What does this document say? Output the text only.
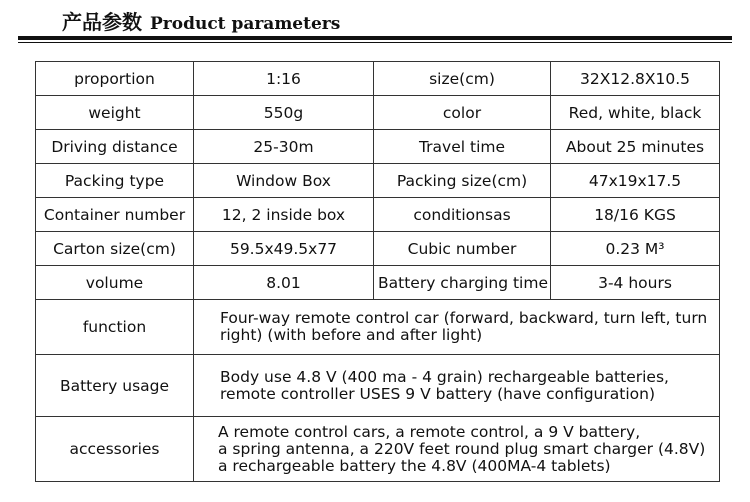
产品参数 Product parameters
proportion	1:16	size(cm)	32X12.8X10.5
weight	550g	color	Red, white, black
Driving distance	25-30m	Travel time	About 25 minutes
Packing type	Window Box	Packing size(cm)	47x19x17.5
Container number	12, 2 inside box	conditionsas	18/16 KGS
Carton size(cm)	59.5x49.5x77	Cubic number	0.23 M³
volume	8.01	Battery charging time	3-4 hours
function	Four-way remote control car (forward, backward, turn left, turn
right) (with before and after light)		

Battery usage	Body use 4.8 V (400 ma - 4 grain) rechargeable batteries,
remote controller USES 9 V battery (have configuration)		

accessories	A remote control cars, a remote control, a 9 V battery,
a spring antenna, a 220V feet round plug smart charger (4.8V)
a rechargeable battery the 4.8V (400MA-4 tablets)		
